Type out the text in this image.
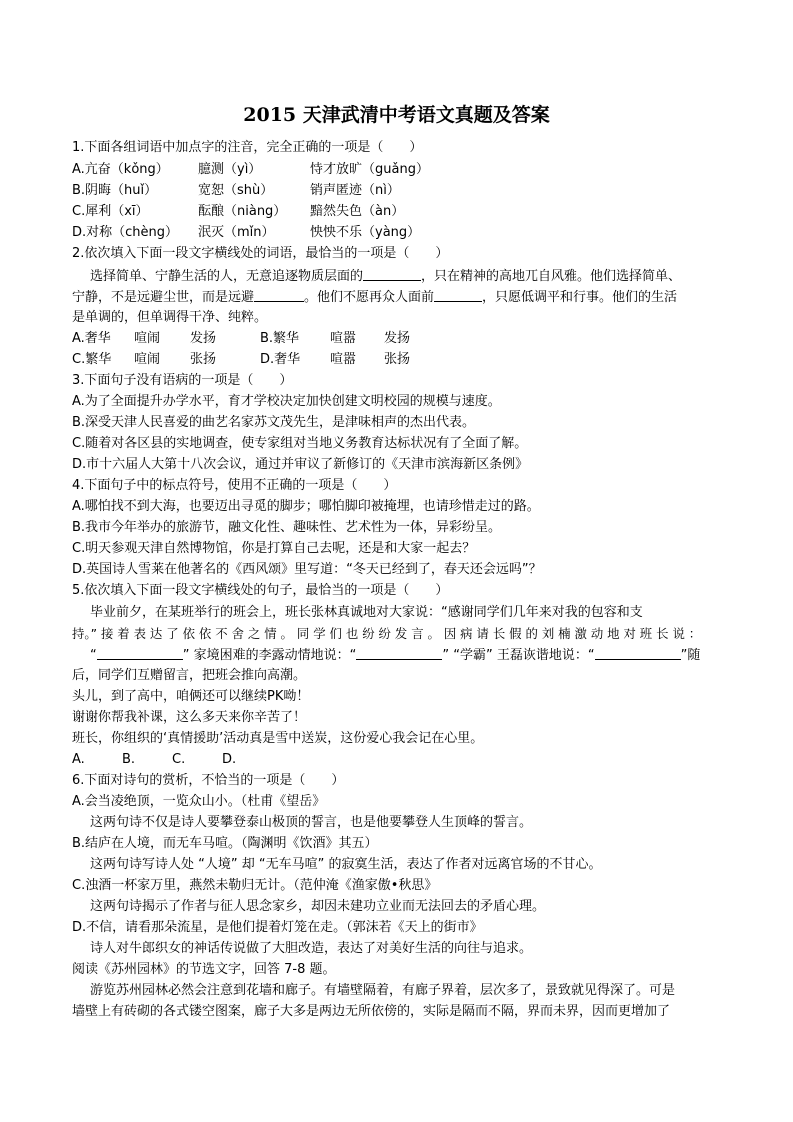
2015 天津武清中考语文真题及答案
1.下面各组词语中加点字的注音，完全正确的一项是（　　）
A.亢奋（kǒng） 臆测（yì）	恃才放旷（guǎng）
B.阴晦（huǐ）	宽恕（shù）	销声匿迹（nì）
C.犀利（xī）	酝酿（niàng） 黯然失色（àn）
D.对称（chèng） 泯灭（mǐn）	怏怏不乐（yàng）
2.依次填入下面一段文字横线处的词语，最恰当的一项是（　　）
选择简单、宁静生活的人，无意追逐物质层面的	，只在精神的高地兀自风雅。他们选择简单、
宁静，不是远避尘世，而是远避	。他们不愿再众人面前	，只愿低调平和行事。他们的生活
是单调的，但单调得干净、纯粹。
A.奢华 喧闹 发扬	B.繁华 喧嚣 发扬
C.繁华 喧闹 张扬	D.奢华 喧嚣 张扬
3.下面句子没有语病的一项是（　　）
A.为了全面提升办学水平，育才学校决定加快创建文明校园的规模与速度。
B.深受天津人民喜爱的曲艺名家苏文茂先生，是津味相声的杰出代表。
C.随着对各区县的实地调查，使专家组对当地义务教育达标状况有了全面了解。
D.市十六届人大第十八次会议，通过并审议了新修订的《天津市滨海新区条例》
4.下面句子中的标点符号，使用不正确的一项是（　　）
A.哪怕找不到大海，也要迈出寻觅的脚步；哪怕脚印被掩埋，也请珍惜走过的路。
B.我市今年举办的旅游节，融文化性、趣味性、艺术性为一体，异彩纷呈。
C.明天参观天津自然博物馆，你是打算自己去呢，还是和大家一起去？
D.英国诗人雪莱在他著名的《西风颂》里写道：“冬天已经到了，春天还会远吗”？
5.依次填入下面一段文字横线处的句子，最恰当的一项是（　　）
毕业前夕，在某班举行的班会上，班长张林真诚地对大家说：“感谢同学们几年来对我的包容和支
持。” 接 着 表 达 了 依 依 不 舍 之 情 。 同 学 们 也 纷 纷 发 言 。 因 病 请 长 假 的 刘 楠 激 动 地 对 班 长 说 ：
“	” 家境困难的李露动情地说：“	” “学霸” 王磊诙谐地说：“	”随
后，同学们互赠留言，把班会推向高潮。
头儿，到了高中，咱俩还可以继续PK呦！
谢谢你帮我补课，这么多天来你辛苦了！
班长，你组织的‘真情援助’活动真是雪中送炭，这份爱心我会记在心里。
A.	B.	C.	D.
6.下面对诗句的赏析，不恰当的一项是（　　）
A.会当凌绝顶，一览众山小。（杜甫《望岳》
这两句诗不仅是诗人要攀登泰山极顶的誓言，也是他要攀登人生顶峰的誓言。
B.结庐在人境，而无车马喧。（陶渊明《饮酒》其五）
这两句诗写诗人处 “人境” 却 “无车马喧” 的寂寞生活，表达了作者对远离官场的不甘心。
C.浊酒一杯家万里，燕然未勒归无计。（范仲淹《渔家傲•秋思》
这两句诗揭示了作者与征人思念家乡，却因未建功立业而无法回去的矛盾心理。
D.不信，请看那朵流星，是他们提着灯笼在走。（郭沫若《天上的街市》
诗人对牛郎织女的神话传说做了大胆改造，表达了对美好生活的向往与追求。
阅读《苏州园林》的节选文字，回答 7-8 题。
游览苏州园林必然会注意到花墙和廊子。有墙壁隔着，有廊子界着，层次多了，景致就见得深了。可是
墙壁上有砖砌的各式镂空图案，廊子大多是两边无所依傍的，实际是隔而不隔，界而未界，因而更增加了
